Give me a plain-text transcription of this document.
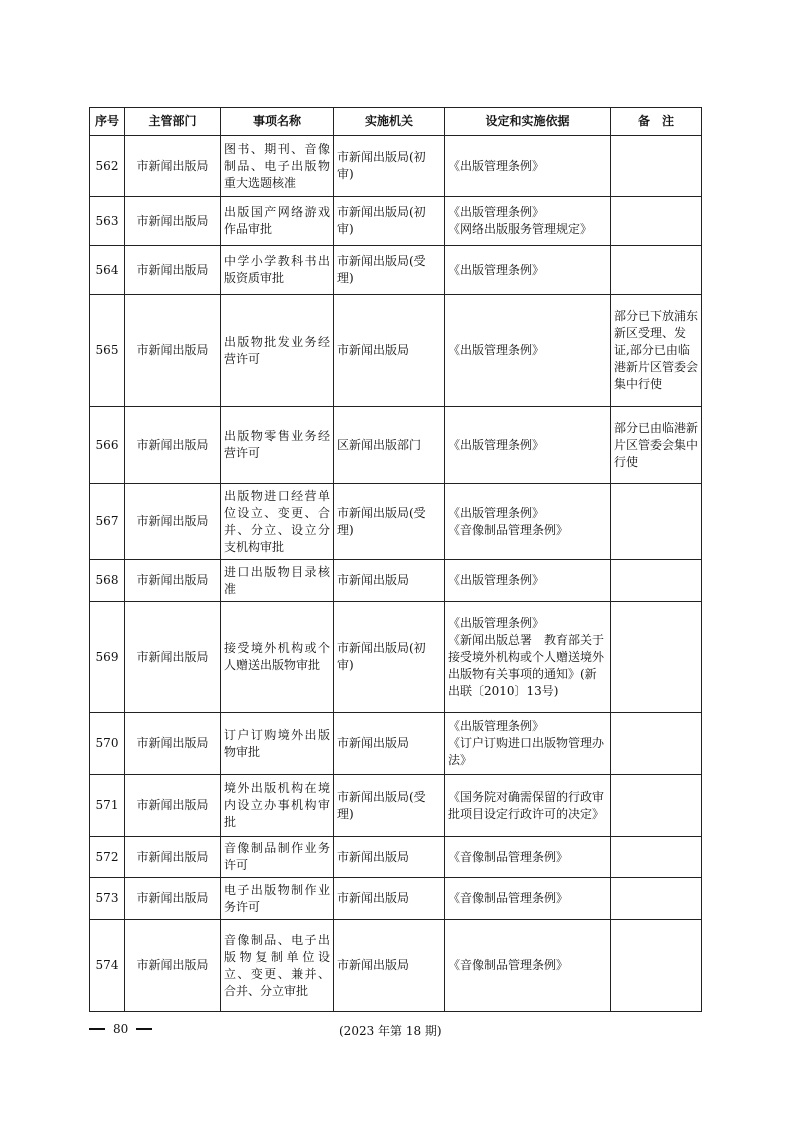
序号	主管部门	事项名称	实施机关	设定和实施依据	备　注
562	市新闻出版局	图书、期刊、音像制品、电子出版物重大选题核准	市新闻出版局(初审)	《出版管理条例》	
563	市新闻出版局	出版国产网络游戏作品审批	市新闻出版局(初审)	《出版管理条例》
《网络出版服务管理规定》	
564	市新闻出版局	中学小学教科书出版资质审批	市新闻出版局(受理)	《出版管理条例》	
565	市新闻出版局	出版物批发业务经营许可	市新闻出版局	《出版管理条例》	部分已下放浦东新区受理、发证,部分已由临港新片区管委会集中行使
566	市新闻出版局	出版物零售业务经营许可	区新闻出版部门	《出版管理条例》	部分已由临港新片区管委会集中行使
567	市新闻出版局	出版物进口经营单位设立、变更、合并、分立、设立分支机构审批	市新闻出版局(受理)	《出版管理条例》
《音像制品管理条例》	
568	市新闻出版局	进口出版物目录核准	市新闻出版局	《出版管理条例》	
569	市新闻出版局	接受境外机构或个人赠送出版物审批	市新闻出版局(初审)	《出版管理条例》
《新闻出版总署　教育部关于接受境外机构或个人赠送境外出版物有关事项的通知》(新出联〔2010〕13号)	
570	市新闻出版局	订户订购境外出版物审批	市新闻出版局	《出版管理条例》
《订户订购进口出版物管理办法》	
571	市新闻出版局	境外出版机构在境内设立办事机构审批	市新闻出版局(受理)	《国务院对确需保留的行政审批项目设定行政许可的决定》	
572	市新闻出版局	音像制品制作业务许可	市新闻出版局	《音像制品管理条例》	
573	市新闻出版局	电子出版物制作业务许可	市新闻出版局	《音像制品管理条例》	
574	市新闻出版局	音像制品、电子出版物复制单位设立、变更、兼并、合并、分立审批	市新闻出版局	《音像制品管理条例》	
80	(2023 年第 18 期)
